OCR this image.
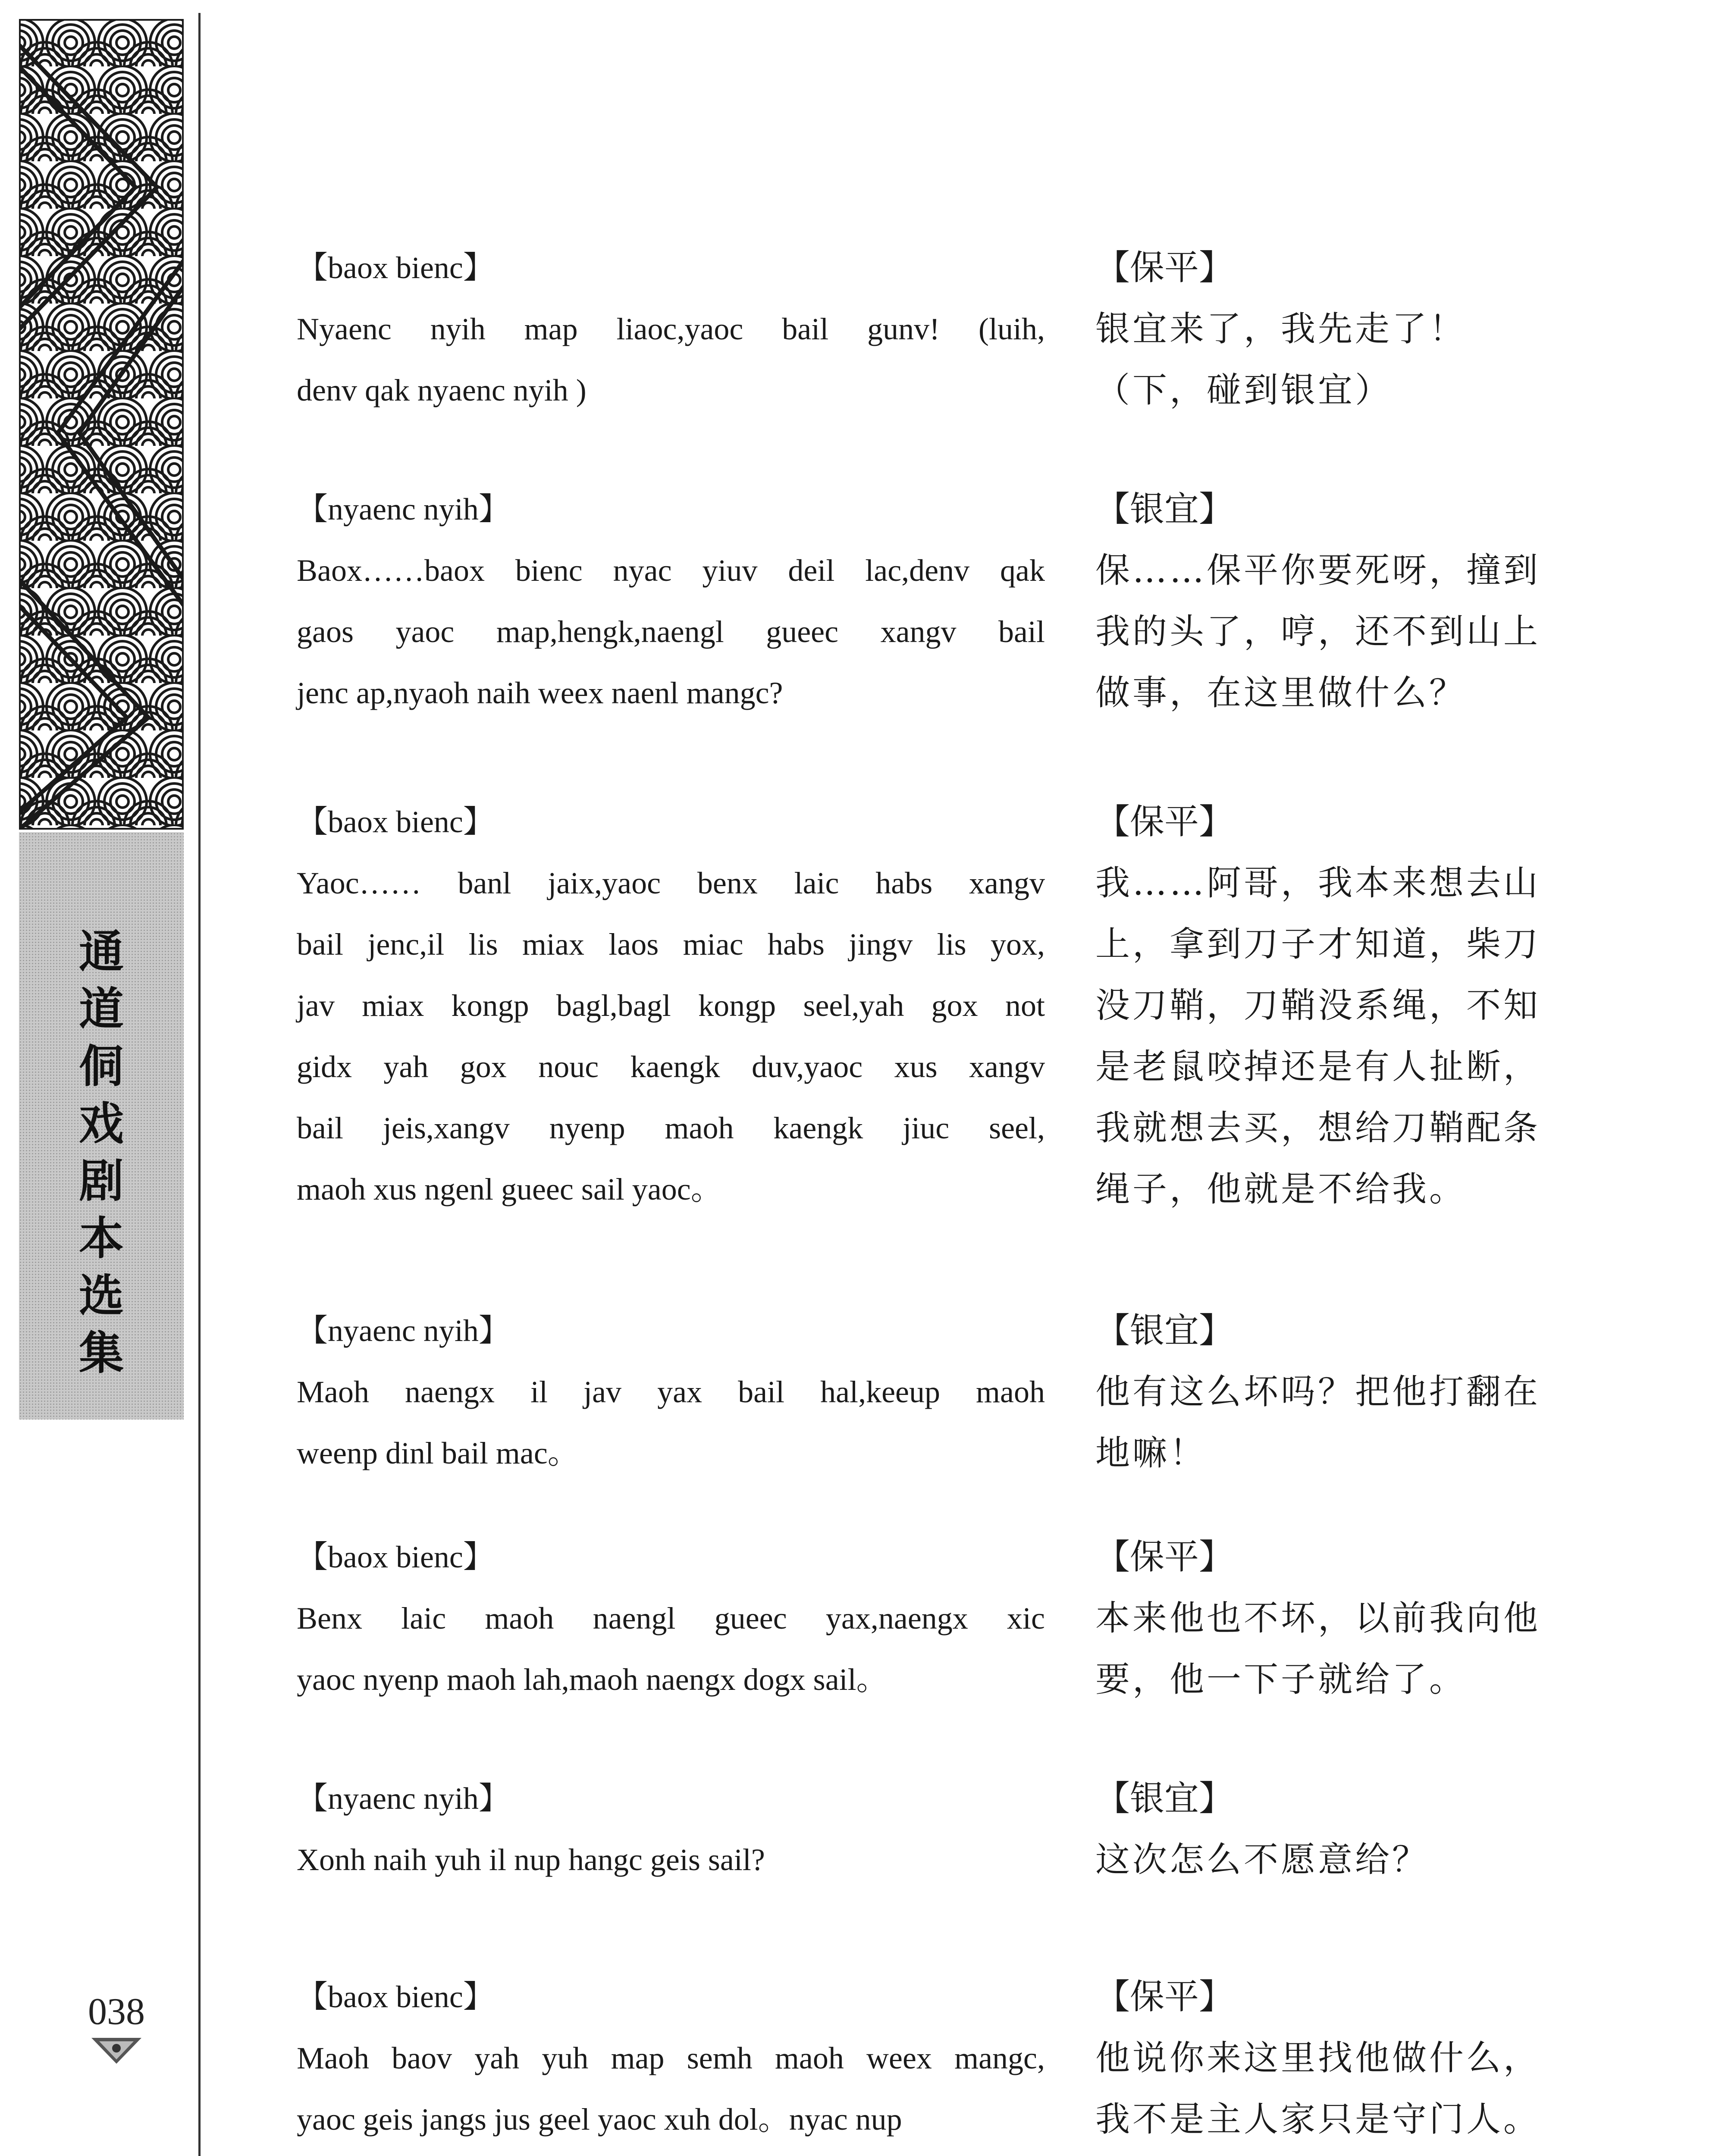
通
道
侗
戏
剧
本
选
集
038
【baox bienc】
Nyaenc nyih map liaoc,yaoc bail gunv! (luih,
denv qak nyaenc nyih )
【保平】
银宜来了，我先走了！
（下，碰到银宜）
【nyaenc nyih】
Baox……baox bienc nyac yiuv deil lac,denv qak
gaos yaoc map,hengk,naengl gueec xangv bail
jenc ap,nyaoh naih weex naenl mangc?
【银宜】
保……保平你要死呀，撞到
我的头了，哼，还不到山上
做事，在这里做什么？
【baox bienc】
Yaoc…… banl jaix,yaoc benx laic habs xangv
bail jenc,il lis miax laos miac habs jingv lis yox,
jav miax kongp bagl,bagl kongp seel,yah gox not
gidx yah gox nouc kaengk duv,yaoc xus xangv
bail jeis,xangv nyenp maoh kaengk jiuc seel,
maoh xus ngenl gueec sail yaoc。
【保平】
我……阿哥，我本来想去山
上，拿到刀子才知道，柴刀
没刀鞘，刀鞘没系绳，不知
是老鼠咬掉还是有人扯断，
我就想去买，想给刀鞘配条
绳子，他就是不给我。
【nyaenc nyih】
Maoh naengx il jav yax bail hal,keeup maoh
weenp dinl bail mac。
【银宜】
他有这么坏吗？把他打翻在
地嘛！
【baox bienc】
Benx laic maoh naengl gueec yax,naengx xic
yaoc nyenp maoh lah,maoh naengx dogx sail。
【保平】
本来他也不坏，以前我向他
要，他一下子就给了。
【nyaenc nyih】
Xonh naih yuh il nup hangc geis sail?
【银宜】
这次怎么不愿意给？
【baox bienc】
Maoh baov yah yuh map semh maoh weex mangc,
yaoc geis jangs jus geel yaoc xuh dol。nyac nup
【保平】
他说你来这里找他做什么，
我不是主人家只是守门人。
